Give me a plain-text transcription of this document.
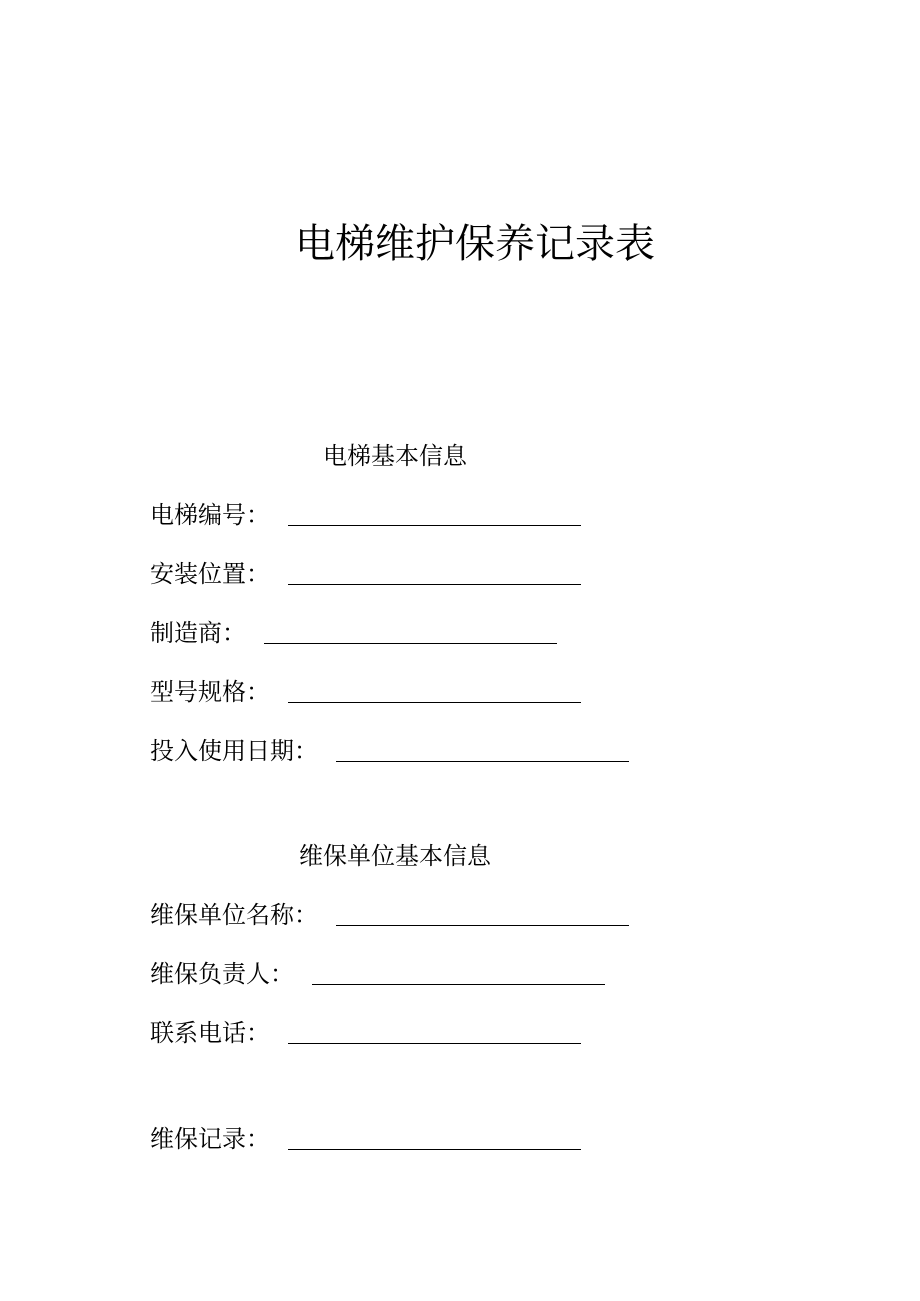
电梯维护保养记录表
电梯基本信息
电梯编号：
安装位置：
制造商：
型号规格：
投入使用日期：
维保单位基本信息
维保单位名称：
维保负责人：
联系电话：
维保记录：
